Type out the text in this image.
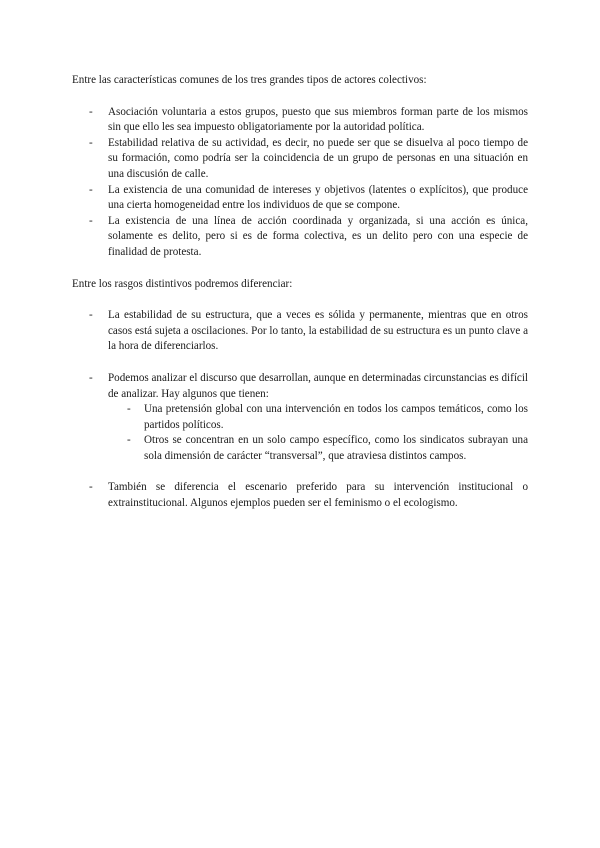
Entre las características comunes de los tres grandes tipos de actores colectivos:

- Asociación voluntaria a estos grupos, puesto que sus miembros forman parte de los mismos sin que ello les sea impuesto obligatoriamente por la autoridad política.
- Estabilidad relativa de su actividad, es decir, no puede ser que se disuelva al poco tiempo de su formación, como podría ser la coincidencia de un grupo de personas en una situación en una discusión de calle.
- La existencia de una comunidad de intereses y objetivos (latentes o explícitos), que produce una cierta homogeneidad entre los individuos de que se compone.
- La existencia de una línea de acción coordinada y organizada, si una acción es única, solamente es delito, pero si es de forma colectiva, es un delito pero con una especie de finalidad de protesta.

Entre los rasgos distintivos podremos diferenciar:

- La estabilidad de su estructura, que a veces es sólida y permanente, mientras que en otros casos está sujeta a oscilaciones. Por lo tanto, la estabilidad de su estructura es un punto clave a la hora de diferenciarlos.
- Podemos analizar el discurso que desarrollan, aunque en determinadas circunstancias es difícil de analizar. Hay algunos que tienen:
- Una pretensión global con una intervención en todos los campos temáticos, como los partidos políticos.
- Otros se concentran en un solo campo específico, como los sindicatos subrayan una sola dimensión de carácter “transversal”, que atraviesa distintos campos.
- También se diferencia el escenario preferido para su intervención institucional o extrainstitucional. Algunos ejemplos pueden ser el feminismo o el ecologismo.
